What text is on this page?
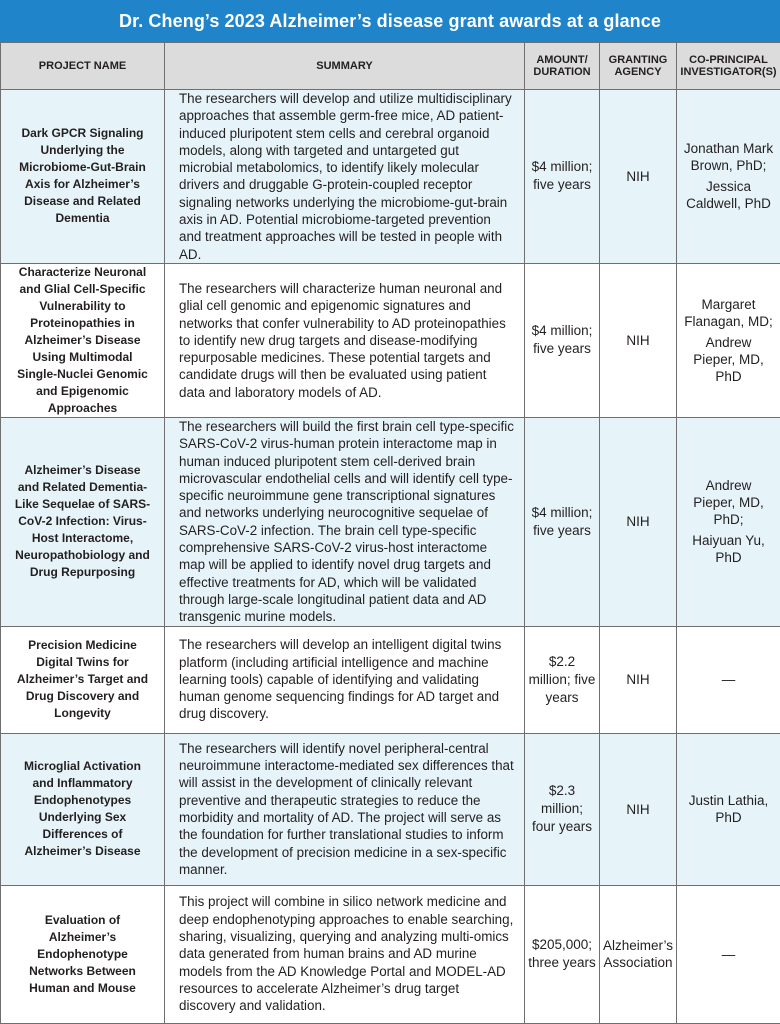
Dr. Cheng’s 2023 Alzheimer’s disease grant awards at a glance
PROJECT NAME	SUMMARY	AMOUNT/ DURATION	GRANTING AGENCY	CO-PRINCIPAL INVESTIGATOR(S)
Dark GPCR Signaling Underlying the Microbiome-Gut-Brain Axis for Alzheimer’s Disease and Related Dementia	The researchers will develop and utilize multidisciplinary approaches that assemble germ-free mice, AD patient-induced pluripotent stem cells and cerebral organoid models, along with targeted and untargeted gut microbial metabolomics, to identify likely molecular drivers and druggable G-protein-coupled receptor signaling networks underlying the microbiome-gut-brain axis in AD. Potential microbiome-targeted prevention and treatment approaches will be tested in people with AD.	$4 million; five years	NIH	Jonathan Mark Brown, PhD;
Jessica Caldwell, PhD

Characterize Neuronal and Glial Cell-Specific Vulnerability to Proteinopathies in Alzheimer’s Disease Using Multimodal Single-Nuclei Genomic and Epigenomic Approaches	The researchers will characterize human neuronal and glial cell genomic and epigenomic signatures and networks that confer vulnerability to AD proteinopathies to identify new drug targets and disease-modifying repurposable medicines. These potential targets and candidate drugs will then be evaluated using patient data and laboratory models of AD.	$4 million; five years	NIH	Margaret Flanagan, MD;
Andrew Pieper, MD, PhD

Alzheimer’s Disease and Related Dementia-Like Sequelae of SARS-CoV-2 Infection: Virus-Host Interactome, Neuropathobiology and Drug Repurposing	The researchers will build the first brain cell type-specific SARS-CoV-2 virus-human protein interactome map in human induced pluripotent stem cell-derived brain microvascular endothelial cells and will identify cell type-specific neuroimmune gene transcriptional signatures and networks underlying neurocognitive sequelae of SARS-CoV-2 infection. The brain cell type-specific comprehensive SARS-CoV-2 virus-host interactome map will be applied to identify novel drug targets and effective treatments for AD, which will be validated through large-scale longitudinal patient data and AD transgenic murine models.	$4 million; five years	NIH	Andrew Pieper, MD, PhD;
Haiyuan Yu, PhD

Precision Medicine Digital Twins for Alzheimer’s Target and Drug Discovery and Longevity	The researchers will develop an intelligent digital twins platform (including artificial intelligence and machine learning tools) capable of identifying and validating human genome sequencing findings for AD target and drug discovery.	$2.2 million; five years	NIH	—

Microglial Activation and Inflammatory Endophenotypes Underlying Sex Differences of Alzheimer’s Disease	The researchers will identify novel peripheral-central neuroimmune interactome-mediated sex differences that will assist in the development of clinically relevant preventive and therapeutic strategies to reduce the morbidity and mortality of AD. The project will serve as the foundation for further translational studies to inform the development of precision medicine in a sex-specific manner.	$2.3 million; four years	NIH	Justin Lathia, PhD

Evaluation of Alzheimer’s Endophenotype Networks Between Human and Mouse	This project will combine in silico network medicine and deep endophenotyping approaches to enable searching, sharing, visualizing, querying and analyzing multi-omics data generated from human brains and AD murine models from the AD Knowledge Portal and MODEL-AD resources to accelerate Alzheimer’s drug target discovery and validation.	$205,000; three years	Alzheimer’s Association	—
